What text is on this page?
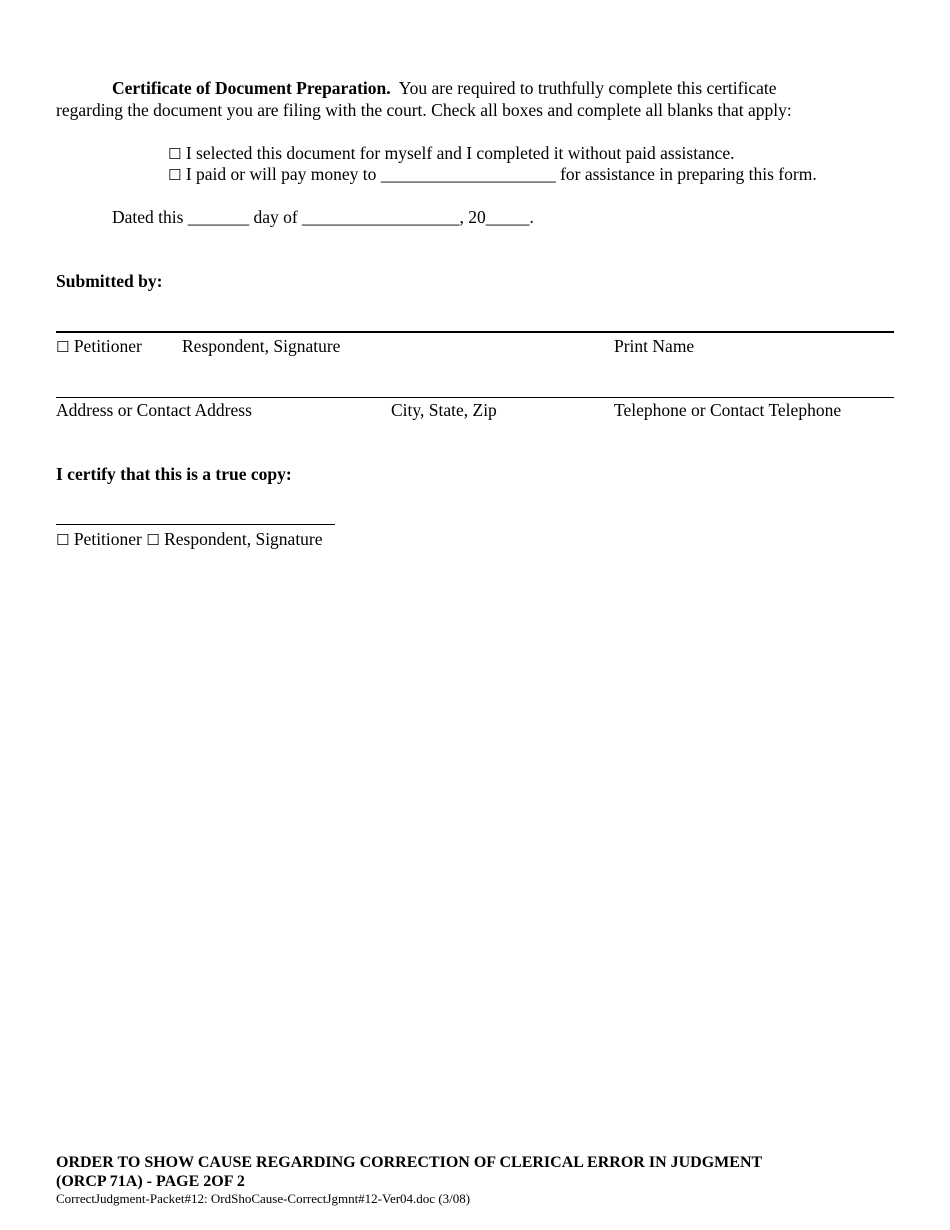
Certificate of Document Preparation. You are required to truthfully complete this certificate
regarding the document you are filing with the court. Check all boxes and complete all blanks that apply:
☐ I selected this document for myself and I completed it without paid assistance.
☐ I paid or will pay money to ____________________ for assistance in preparing this form.
Dated this _______ day of __________________, 20_____.
Submitted by:
☐ Petitioner Respondent, Signature	Print Name
Address or Contact Address	City, State, Zip	Telephone or Contact Telephone
I certify that this is a true copy:
☐ Petitioner ☐ Respondent, Signature
ORDER TO SHOW CAUSE REGARDING CORRECTION OF CLERICAL ERROR IN JUDGMENT
(ORCP 71A) - PAGE 2OF 2
CorrectJudgment-Packet#12: OrdShoCause-CorrectJgmnt#12-Ver04.doc (3/08)
